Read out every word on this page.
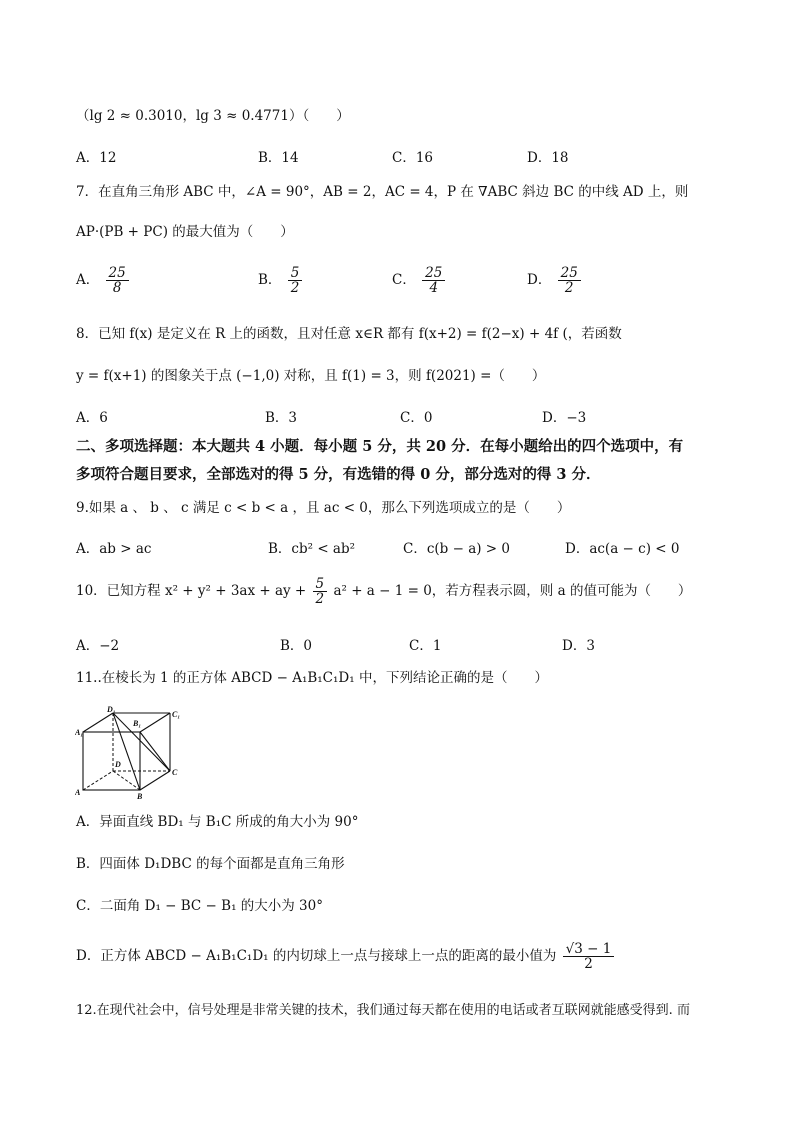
（lg 2 ≈ 0.3010，lg 3 ≈ 0.4771）（　　）
A．12	B．14	C．16	D．18
7．在直角三角形 ABC 中，∠A = 90°，AB = 2，AC = 4，P 在 ∇ABC 斜边 BC 的中线 AD 上，则
AP·(PB + PC) 的最大值为（　　）
A． $\frac{25}{8}$	B． $\frac{5}{2}$	C． $\frac{25}{4}$	D． $\frac{25}{2}$
8．已知 f(x) 是定义在 R 上的函数，且对任意 x∈R 都有 f(x+2) = f(2−x) + 4f (，若函数
y = f(x+1) 的图象关于点 (−1,0) 对称，且 f(1) = 3，则 f(2021) =（　　）
A．6	B．3	C．0	D．−3
二、多项选择题：本大题共 4 小题．每小题 5 分，共 20 分．在每小题给出的四个选项中，有
多项符合题目要求，全部选对的得 5 分，有选错的得 0 分，部分选对的得 3 分．
9.如果 a 、 b 、 c 满足 c < b < a ，且 ac < 0，那么下列选项成立的是（　　）
A．ab > ac	B．cb² < ab²	C．c(b − a) > 0	D．ac(a − c) < 0
10．已知方程 x² + y² + 3ax + ay + $\frac{5}{2} a^2 + a - 1 = 0$，若方程表示圆，则 a 的值可能为（　　）
A．−2	B．0	C．1	D．3
11..在棱长为 1 的正方体 ABCD − A₁B₁C₁D₁ 中，下列结论正确的是（　　）
D₁
B₁
C₁
A₁
D
C
A	B
A．异面直线 BD₁ 与 B₁C 所成的角大小为 90°
B．四面体 D₁DBC 的每个面都是直角三角形
C．二面角 D₁ − BC − B₁ 的大小为 30°
D．正方体 ABCD − A₁B₁C₁D₁ 的内切球上一点与接球上一点的距离的最小值为 $\frac{√3 - 1}{2}$
12.在现代社会中，信号处理是非常关键的技术，我们通过每天都在使用的电话或者互联网就能感受得到. 而
